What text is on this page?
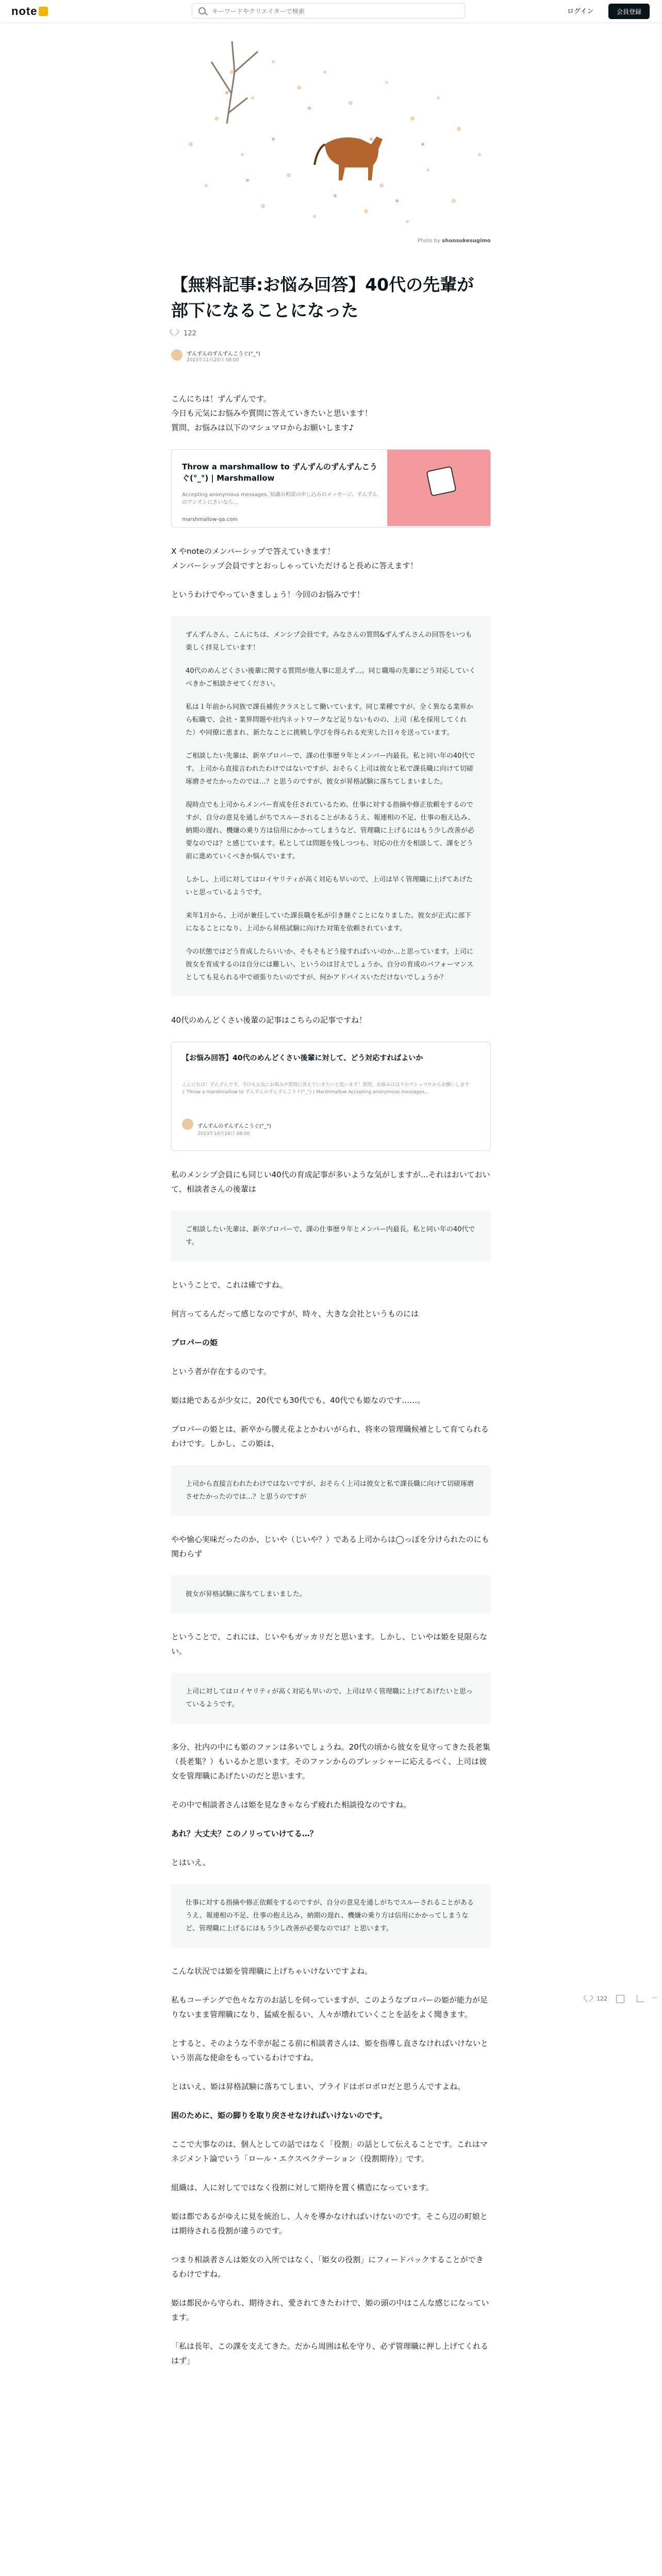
note
キーワードやクリエイターで検索	ログイン	会員登録
Photo by shunsukesugimo
【無料記事:お悩み回答】40代の先輩が部下になることになった
122
ずんずんのずんずんこうぐ(°_°)
2023年11月20日 08:00

こんにちは！ずんずんです。
今日も元気にお悩みや質問に答えていきたいと思います！
質問、お悩みは以下のマシュマロからお願いします♪

Throw a marshmallow to ずんずんのずんずんこうぐ(°_°) | Marshmallow
Accepting anonymous messages. 知識の相談の申し込みのメッセージ、ずんずんのアンズンにさいなら…
marshmallow-qa.com

X やnoteのメンバーシップで答えていきます！
メンバーシップ会員ですとおっしゃっていただけると長めに答えます！

というわけでやっていきましょう！今回のお悩みです！

ずんずんさん、こんにちは、メンシプ会員です。みなさんの質問&ずんずんさんの回答をいつも楽しく拝見しています！

40代のめんどくさい後輩に関する質問が他人事に思えず…。同じ職場の先輩にどう対応していくべきかご相談させてください。

私は１年前から同族で課長補佐クラスとして働いています。同じ業種ですが、全く異なる業界から転職で、会社・業界問題や社内ネットワークなど足りないものの、上司（私を採用してくれた）や同僚に恵まれ、新たなことに挑戦し学びを得られる充実した日々を送っています。

ご相談したい先輩は、新卒プロパーで、課の仕事歴９年とメンバー内最長。私と同い年の40代です。上司から直接言われたわけではないですが、おそらく上司は彼女と私で課長職に向けて切磋琢磨させたかったのでは…？と思うのですが、彼女が昇格試験に落ちてしまいました。

現時点でも上司からメンバー育成を任されているため、仕事に対する指摘や修正依頼をするのですが、自分の意見を通しがちでスルーされることがあるうえ、報連相の不足、仕事の抱え込み、納期の遅れ、機嫌の乗り方は信用にかかってしまうなど、管理職に上げるにはもう少し改善が必要なのでは？と感じています。私としては問題を残しつつも、対応の仕方を相談して、課をどう前に進めていくべきか悩んでいます。

しかし、上司に対してはロイヤリティが高く対応も早いので、上司は早く管理職に上げてあげたいと思っているようです。

来年1月から、上司が兼任していた課長職を私が引き継ぐことになりました。彼女が正式に部下になることになり、上司から昇格試験に向けた対策を依頼されています。

今の状態ではどう育成したらいいか、そもそもどう接すればいいのか…と思っています。上司に彼女を育成するのは自分には難しい、というのは甘えでしょうか。自分の育成のパフォーマンスとしても見られる中で頑張りたいのですが、何かアドバイスいただけないでしょうか？

40代のめんどくさい後輩の記事はこちらの記事ですね！

【お悩み回答】40代のめんどくさい後輩に対して、どう対応すればよいか
こんにちは！ずんずんです。今日も元気にお悩みや質問に答えていきたいと思います！質問、お悩みは以下のマシュマロからお願いします♪ Throw a marshmallow to ずんずんのずんずんこうぐ(°_°) | Marshmallow Accepting anonymous messages...
ずんずんのずんずんこうぐ(°_°)
2023年10月24日 08:00

私のメンシプ会員にも同じい40代の育成記事が多いような気がしますが…それはおいておいて、相談者さんの後輩は

ご相談したい先輩は、新卒プロパーで、課の仕事歴９年とメンバー内最長。私と同い年の40代です。

ということで、これは確ですね。

何言ってるんだって感じなのですが、時々、大きな会社というものには

プロパーの姫

という者が存在するのです。

姫は絶であるが少女に、20代でも30代でも、40代でも姫なのです……。

プロパーの姫とは、新卒から腰え花よとかわいがられ、将来の管理職候補として育てられるわけです。しかし、この姫は、

上司から直接言われたわけではないですが、おそらく上司は彼女と私で課長職に向けて切磋琢磨させたかったのでは…？と思うのですが

やや愉心実味だったのか、じいや（じいや？）である上司からは◯っぽを分けられたのにも関わらず

彼女が昇格試験に落ちてしまいました。

ということで、これには、じいやもガッカリだと思います。しかし、じいやは姫を見限らない。

上司に対してはロイヤリティが高く対応も早いので、上司は早く管理職に上げてあげたいと思っているようです。

多分、社内の中にも姫のファンは多いでしょうね。20代の頃から彼女を見守ってきた長老集（長老集？）もいるかと思います。そのファンからのプレッシャーに応えるべく、上司は彼女を管理職にあげたいのだと思います。

その中で相談者さんは姫を見なきゃならず疲れた相談役なのですね。

あれ？大丈夫？このノリっていけてる…？

とはいえ、

仕事に対する指摘や修正依頼をするのですが、自分の意見を通しがちでスルーされることがあるうえ、報連相の不足、仕事の抱え込み、納期の遅れ、機嫌の乗り方は信用にかかってしまうなど、管理職に上げるにはもう少し改善が必要なのでは？と思います。

こんな状況では姫を管理職に上げちゃいけないですよね。

私もコーチングで色々な方のお話しを伺っていますが、このようなプロパーの姫が能力が足りないまま管理職になり、猛威を振るい、人々が壊れていくことを話をよく聞きます。

とすると、そのような不幸が起こる前に相談者さんは、姫を指導し直さなければいけないという崇高な使命をもっているわけですね。

とはいえ、姫は昇格試験に落ちてしまい、プライドはボロボロだと思うんですよね。

困のために、姫の脚りを取り戻させなければいけないのです。

ここで大事なのは、個人としての話ではなく「役割」の話として伝えることです。これはマネジメント論でいう「ロール・エクスペクテーション（役割期待）」です。

組織は、人に対してではなく役割に対して期待を置く構造になっています。

姫は都であるがゆえに見を統治し、人々を導かなければいけないのです。そこら辺の町娘とは期待される役割が違うのです。

つまり相談者さんは姫女の入所ではなく、「姫女の役割」にフィードバックすることができるわけですね。

姫は都民から守られ、期待され、愛されてきたわけで、姫の頭の中はこんな感じになっています。

「私は長年、この課を支えてきた。だから周囲は私を守り、必ず管理職に押し上げてくれるはず」

122	⋯
